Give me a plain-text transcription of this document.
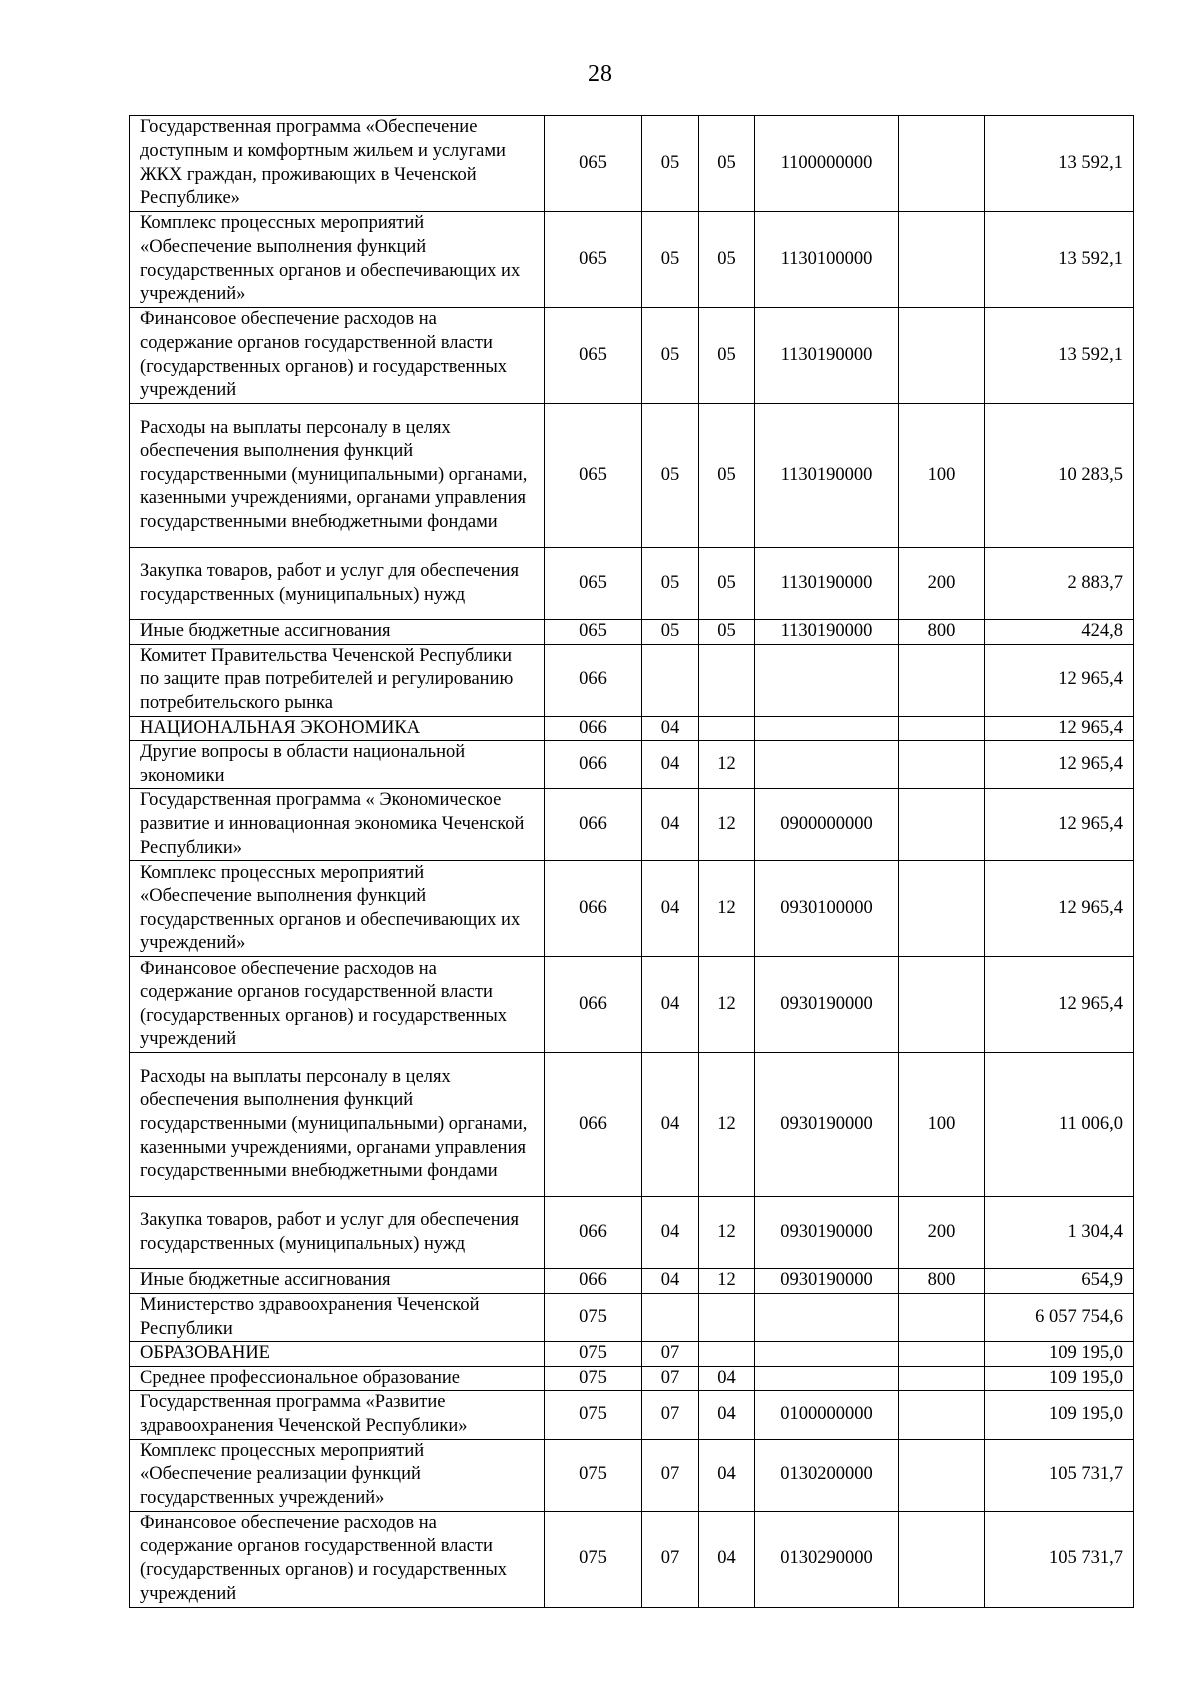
28
Государственная программа «Обеспечение доступным и комфортным жильем и услугами ЖКХ граждан, проживающих в Чеченской Республике»	065	05	05	1100000000		13 592,1
Комплекс процессных мероприятий «Обеспечение выполнения функций государственных органов и обеспечивающих их учреждений»	065	05	05	1130100000		13 592,1
Финансовое обеспечение расходов на содержание органов государственной власти (государственных органов) и государственных учреждений	065	05	05	1130190000		13 592,1
Расходы на выплаты персоналу в целях обеспечения выполнения функций государственными (муниципальными) органами, казенными учреждениями, органами управления государственными внебюджетными фондами	065	05	05	1130190000	100	10 283,5
Закупка товаров, работ и услуг для обеспечения государственных (муниципальных) нужд	065	05	05	1130190000	200	2 883,7
Иные бюджетные ассигнования	065	05	05	1130190000	800	424,8
Комитет Правительства Чеченской Республики по защите прав потребителей и регулированию потребительского рынка	066					12 965,4
НАЦИОНАЛЬНАЯ ЭКОНОМИКА	066	04				12 965,4
Другие вопросы в области национальной экономики	066	04	12			12 965,4
Государственная программа « Экономическое развитие и инновационная экономика Чеченской Республики»	066	04	12	0900000000		12 965,4
Комплекс процессных мероприятий «Обеспечение выполнения функций государственных органов и обеспечивающих их учреждений»	066	04	12	0930100000		12 965,4
Финансовое обеспечение расходов на содержание органов государственной власти (государственных органов) и государственных учреждений	066	04	12	0930190000		12 965,4
Расходы на выплаты персоналу в целях обеспечения выполнения функций государственными (муниципальными) органами, казенными учреждениями, органами управления государственными внебюджетными фондами	066	04	12	0930190000	100	11 006,0
Закупка товаров, работ и услуг для обеспечения государственных (муниципальных) нужд	066	04	12	0930190000	200	1 304,4
Иные бюджетные ассигнования	066	04	12	0930190000	800	654,9
Министерство здравоохранения Чеченской Республики	075					6 057 754,6
ОБРАЗОВАНИЕ	075	07				109 195,0
Среднее профессиональное образование	075	07	04			109 195,0
Государственная программа «Развитие здравоохранения Чеченской Республики»	075	07	04	0100000000		109 195,0
Комплекс процессных мероприятий «Обеспечение реализации функций государственных учреждений»	075	07	04	0130200000		105 731,7
Финансовое обеспечение расходов на содержание органов государственной власти (государственных органов) и государственных учреждений	075	07	04	0130290000		105 731,7
